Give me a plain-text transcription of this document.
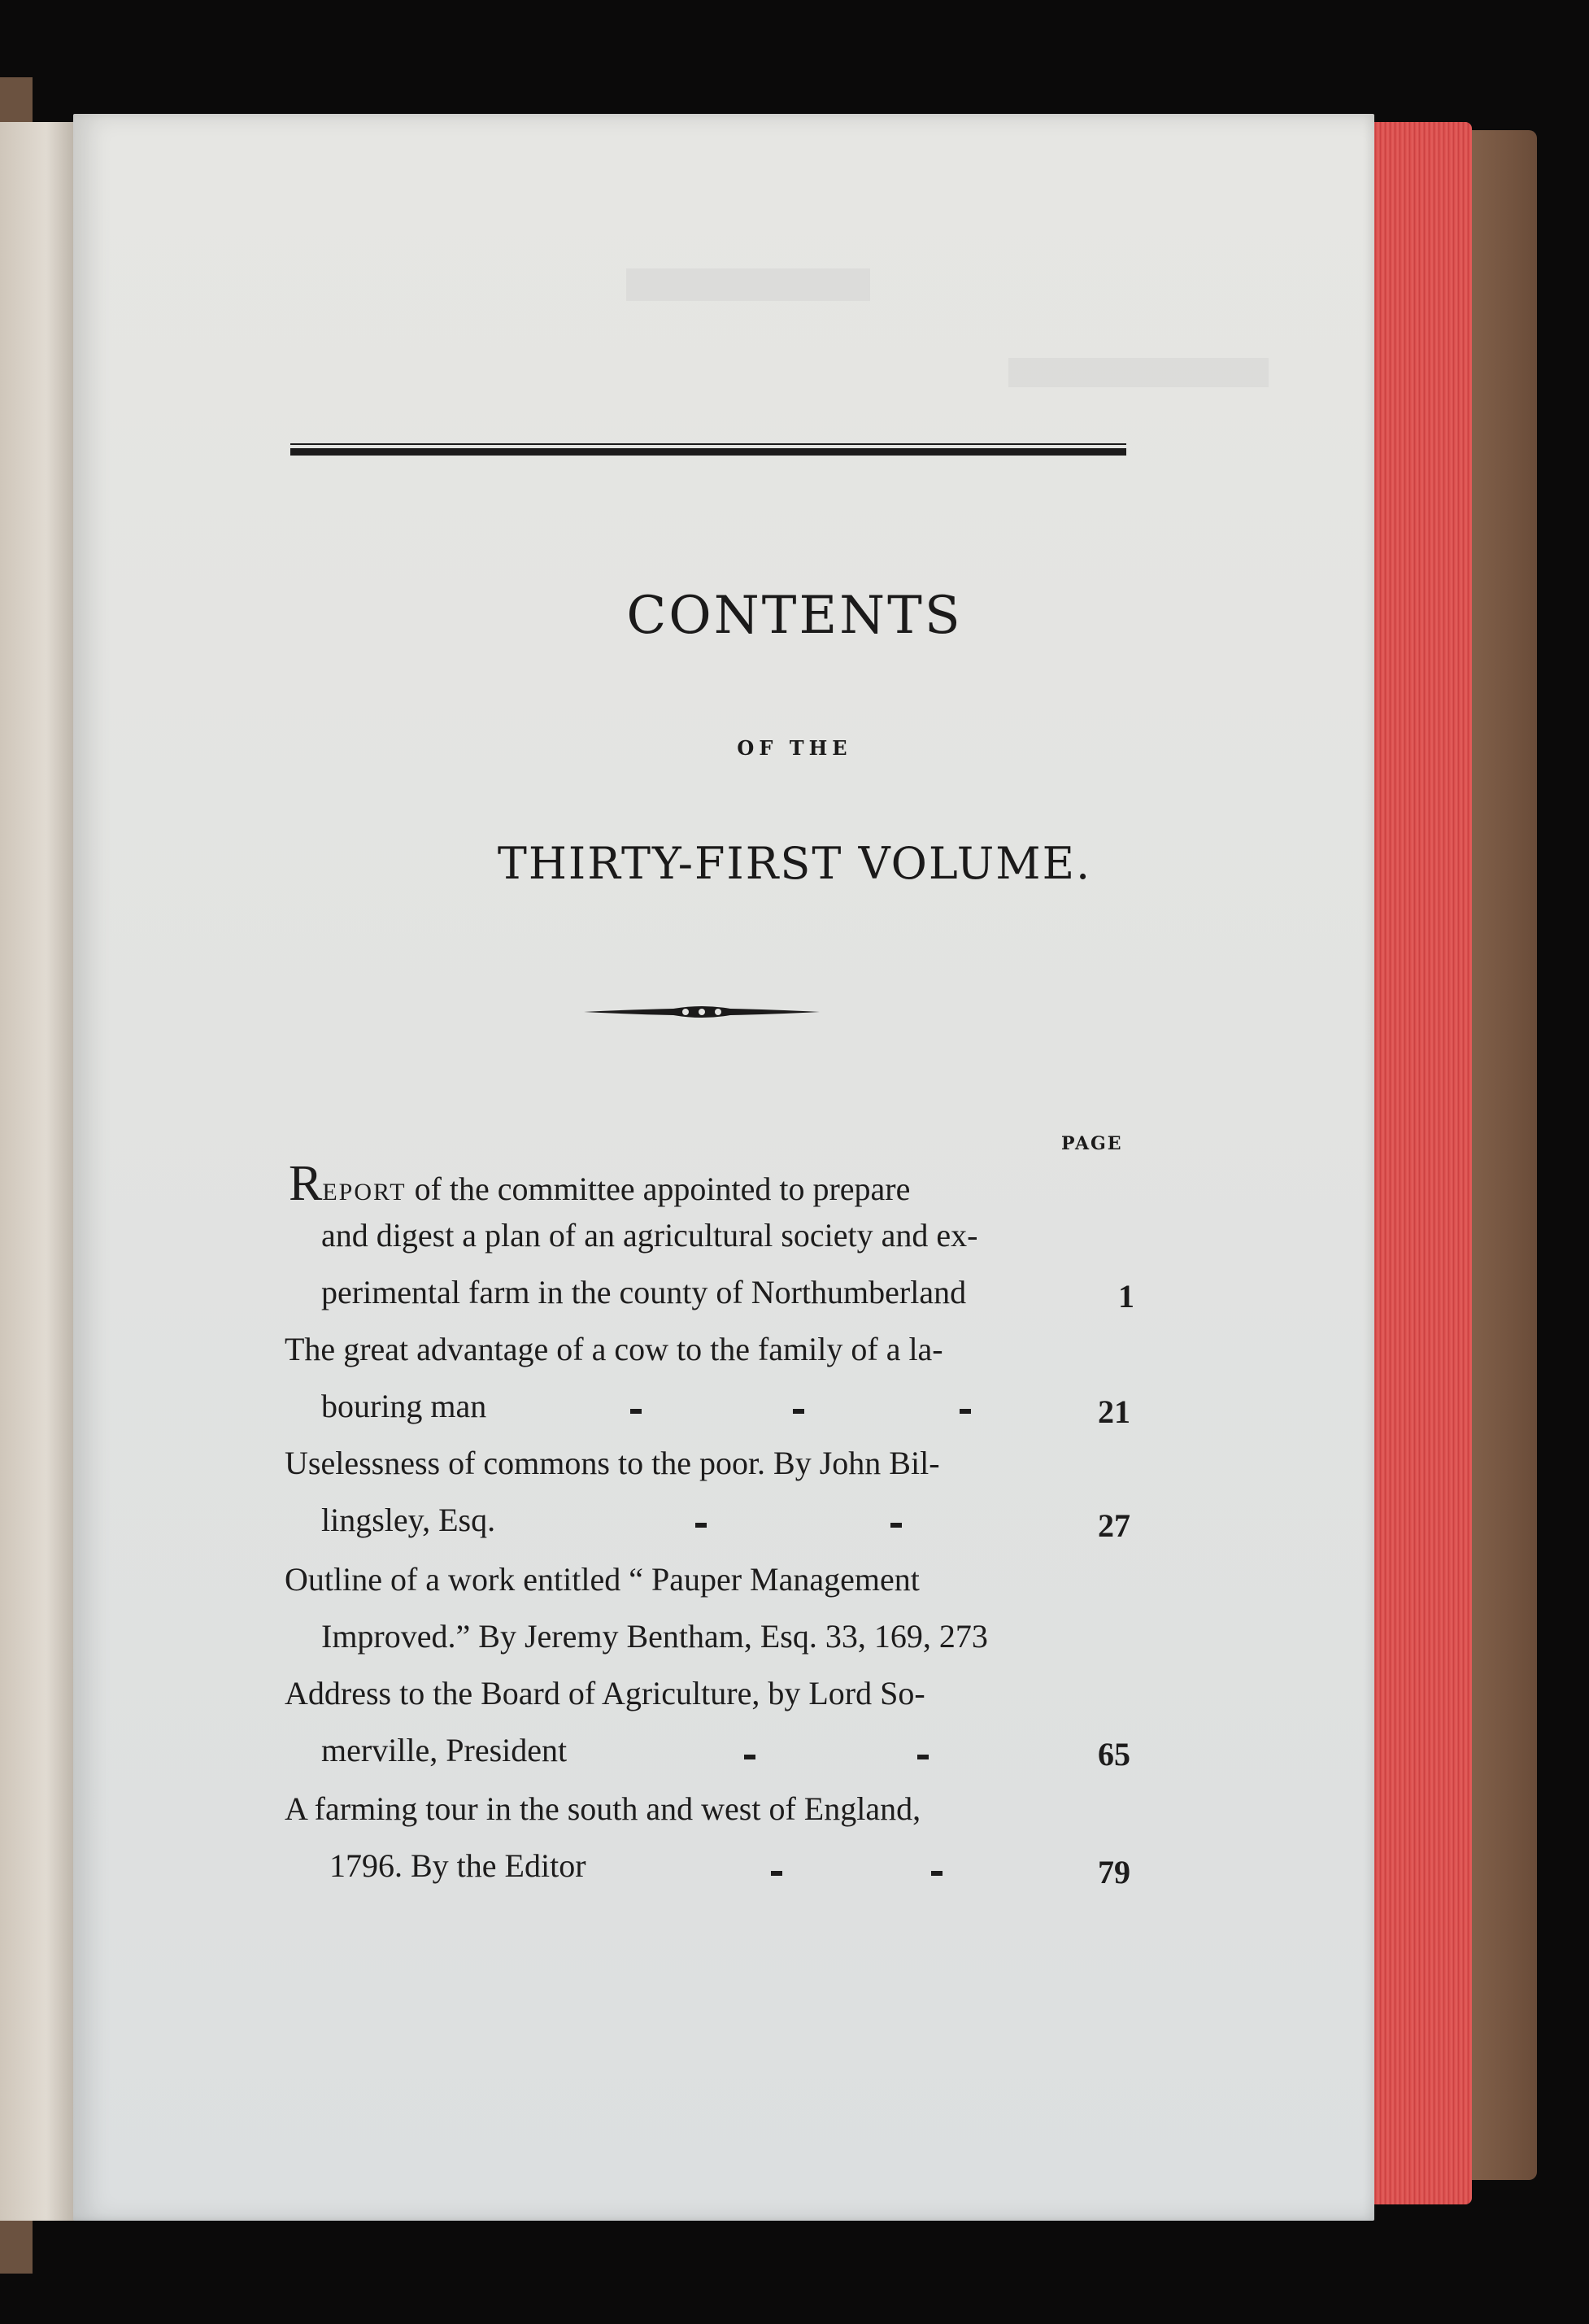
CONTENTS
OF THE
THIRTY-FIRST VOLUME.
PAGE
REPORT of the committee appointed to prepare
and digest a plan of an agricultural society and ex-
perimental farm in the county of Northumberland	1
The great advantage of a cow to the family of a la-
bouring man	21
Uselessness of commons to the poor. By John Bil-
lingsley, Esq.	27
Outline of a work entitled “ Pauper Management
Improved.” By Jeremy Bentham, Esq. 33, 169, 273
Address to the Board of Agriculture, by Lord So-
merville, President	65
A farming tour in the south and west of England,
1796. By the Editor	79
